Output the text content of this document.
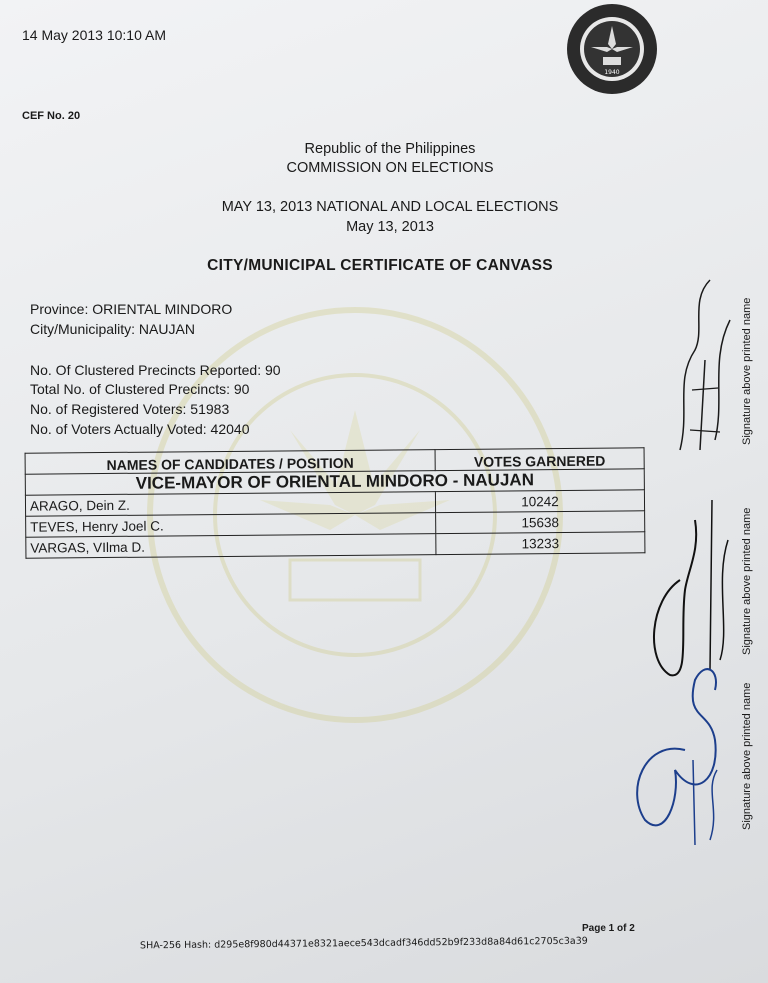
14 May 2013 10:10 AM
1940
CEF No. 20
Republic of the Philippines
COMMISSION ON ELECTIONS
MAY 13, 2013 NATIONAL AND LOCAL ELECTIONS
May 13, 2013
CITY/MUNICIPAL CERTIFICATE OF CANVASS
Province: ORIENTAL MINDORO
City/Municipality: NAUJAN
No. Of Clustered Precincts Reported: 90
Total No. of Clustered Precincts: 90
No. of Registered Voters: 51983
No. of Voters Actually Voted: 42040
NAMES OF CANDIDATES / POSITION	VOTES GARNERED
VICE-MAYOR OF ORIENTAL MINDORO - NAUJAN	
ARAGO, Dein Z.	10242
TEVES, Henry Joel C.	15638
VARGAS, VIlma D.	13233
Signature above printed name
Signature above printed name
Signature above printed name
Page 1 of 2
SHA-256 Hash: d295e8f980d44371e8321aece543dcadf346dd52b9f233d8a84d61c2705c3a39
